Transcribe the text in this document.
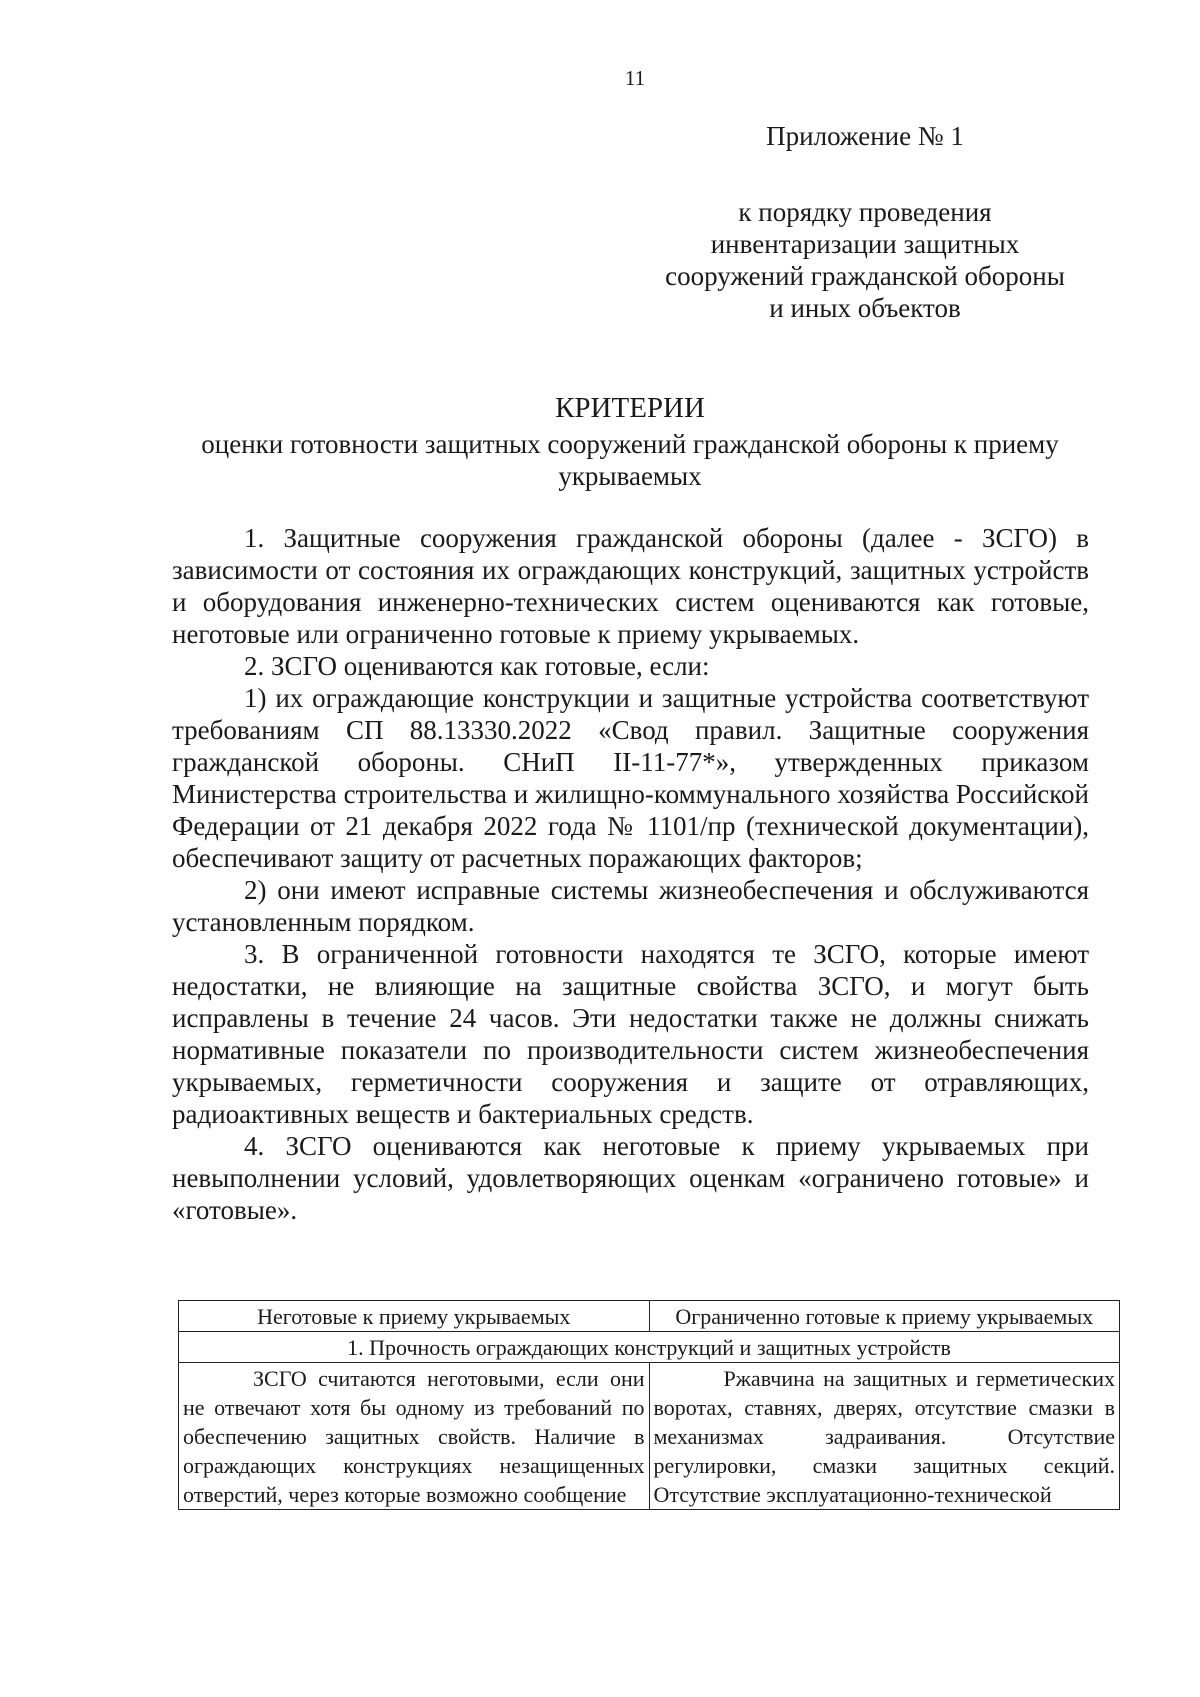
11
Приложение № 1
к порядку проведения
инвентаризации защитных
сооружений гражданской обороны
и иных объектов
КРИТЕРИИ
оценки готовности защитных сооружений гражданской обороны к приему укрываемых

1. Защитные сооружения гражданской обороны (далее - ЗСГО) в зависимости от состояния их ограждающих конструкций, защитных устройств и оборудования инженерно-технических систем оцениваются как готовые, неготовые или ограниченно готовые к приему укрываемых.

2. ЗСГО оцениваются как готовые, если:

1) их ограждающие конструкции и защитные устройства соответствуют требованиям СП 88.13330.2022 «Свод правил. Защитные сооружения гражданской обороны. СНиП II-11-77*», утвержденных приказом Министерства строительства и жилищно-коммунального хозяйства Российской Федерации от 21 декабря 2022 года № 1101/пр (технической документации), обеспечивают защиту от расчетных поражающих факторов;

2) они имеют исправные системы жизнеобеспечения и обслуживаются установленным порядком.

3. В ограниченной готовности находятся те ЗСГО, которые имеют недостатки, не влияющие на защитные свойства ЗСГО, и могут быть исправлены в течение 24 часов. Эти недостатки также не должны снижать нормативные показатели по производительности систем жизнеобеспечения укрываемых, герметичности сооружения и защите от отравляющих, радиоактивных веществ и бактериальных средств.

4. ЗСГО оцениваются как неготовые к приему укрываемых при невыполнении условий, удовлетворяющих оценкам «ограничено готовые» и «готовые».

Неготовые к приему укрываемых	Ограниченно готовые к приему укрываемых
1. Прочность ограждающих конструкций и защитных устройств	
ЗСГО считаются неготовыми, если они не отвечают хотя бы одному из требований по обеспечению защитных свойств. Наличие в ограждающих конструкциях незащищенных отверстий, через которые возможно сообщение	Ржавчина на защитных и герметических воротах, ставнях, дверях, отсутствие смазки в механизмах задраивания. Отсутствие регулировки, смазки защитных секций. Отсутствие эксплуатационно-технической
